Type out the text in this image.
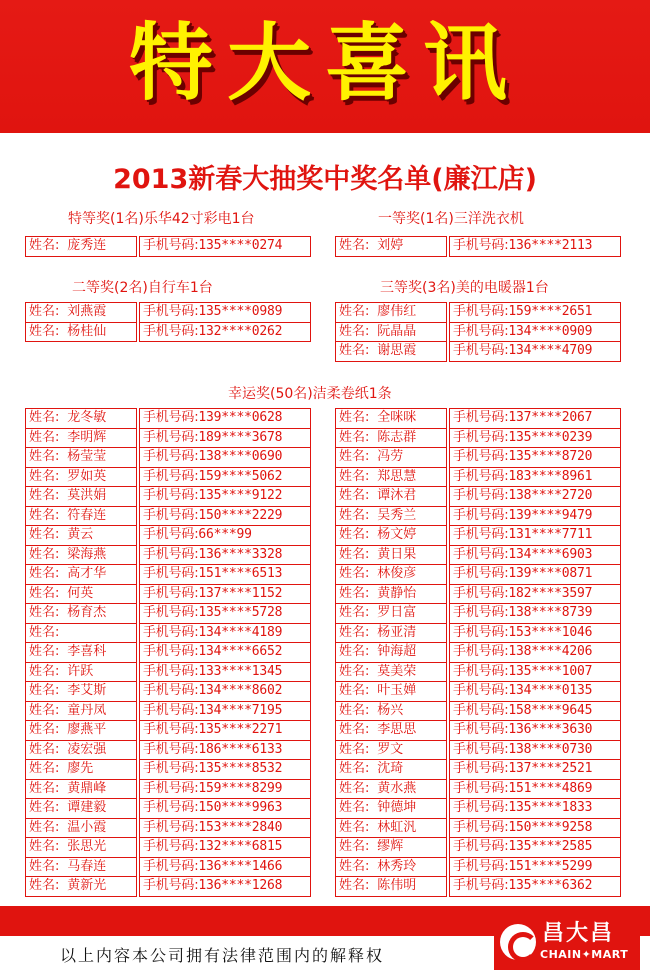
特大喜讯
2013新春大抽奖中奖名单(廉江店)
特等奖(1名)乐华42寸彩电1台
姓名: 庞秀连	手机号码:135****0274
一等奖(1名)三洋洗衣机
姓名: 刘婷	手机号码:136****2113
二等奖(2名)自行车1台
姓名: 刘燕霞	手机号码:135****0989
姓名: 杨桂仙	手机号码:132****0262
三等奖(3名)美的电暖器1台
姓名: 廖伟红	手机号码:159****2651
姓名: 阮晶晶	手机号码:134****0909
姓名: 谢思霞	手机号码:134****4709
幸运奖(50名)洁柔卷纸1条
姓名: 龙冬敏	手机号码:139****0628
姓名: 李明辉	手机号码:189****3678
姓名: 杨莹莹	手机号码:138****0690
姓名: 罗如英	手机号码:159****5062
姓名: 莫洪娟	手机号码:135****9122
姓名: 符春连	手机号码:150****2229
姓名: 黄云	手机号码:66***99
姓名: 梁海燕	手机号码:136****3328
姓名: 高才华	手机号码:151****6513
姓名: 何英	手机号码:137****1152
姓名: 杨育杰	手机号码:135****5728
姓名:	手机号码:134****4189
姓名: 李喜科	手机号码:134****6652
姓名: 许跃	手机号码:133****1345
姓名: 李艾斯	手机号码:134****8602
姓名: 童丹凤	手机号码:134****7195
姓名: 廖燕平	手机号码:135****2271
姓名: 凌宏强	手机号码:186****6133
姓名: 廖先	手机号码:135****8532
姓名: 黄鼎峰	手机号码:159****8299
姓名: 谭建毅	手机号码:150****9963
姓名: 温小霞	手机号码:153****2840
姓名: 张思光	手机号码:132****6815
姓名: 马春连	手机号码:136****1466
姓名: 黄新光	手机号码:136****1268
姓名: 全咪咪	手机号码:137****2067
姓名: 陈志群	手机号码:135****0239
姓名: 冯劳	手机号码:135****8720
姓名: 郑思慧	手机号码:183****8961
姓名: 谭沐君	手机号码:138****2720
姓名: 吴秀兰	手机号码:139****9479
姓名: 杨文婷	手机号码:131****7711
姓名: 黄日果	手机号码:134****6903
姓名: 林俊彦	手机号码:139****0871
姓名: 黄静怡	手机号码:182****3597
姓名: 罗日富	手机号码:138****8739
姓名: 杨亚清	手机号码:153****1046
姓名: 钟海超	手机号码:138****4206
姓名: 莫美荣	手机号码:135****1007
姓名: 叶玉婵	手机号码:134****0135
姓名: 杨兴	手机号码:158****9645
姓名: 李思思	手机号码:136****3630
姓名: 罗文	手机号码:138****0730
姓名: 沈琦	手机号码:137****2521
姓名: 黄水燕	手机号码:151****4869
姓名: 钟德坤	手机号码:135****1833
姓名: 林虹汎	手机号码:150****9258
姓名: 缪辉	手机号码:135****2585
姓名: 林秀玲	手机号码:151****5299
姓名: 陈伟明	手机号码:135****6362
以上内容本公司拥有法律范围内的解释权
昌大昌
CHAIN✦MART
